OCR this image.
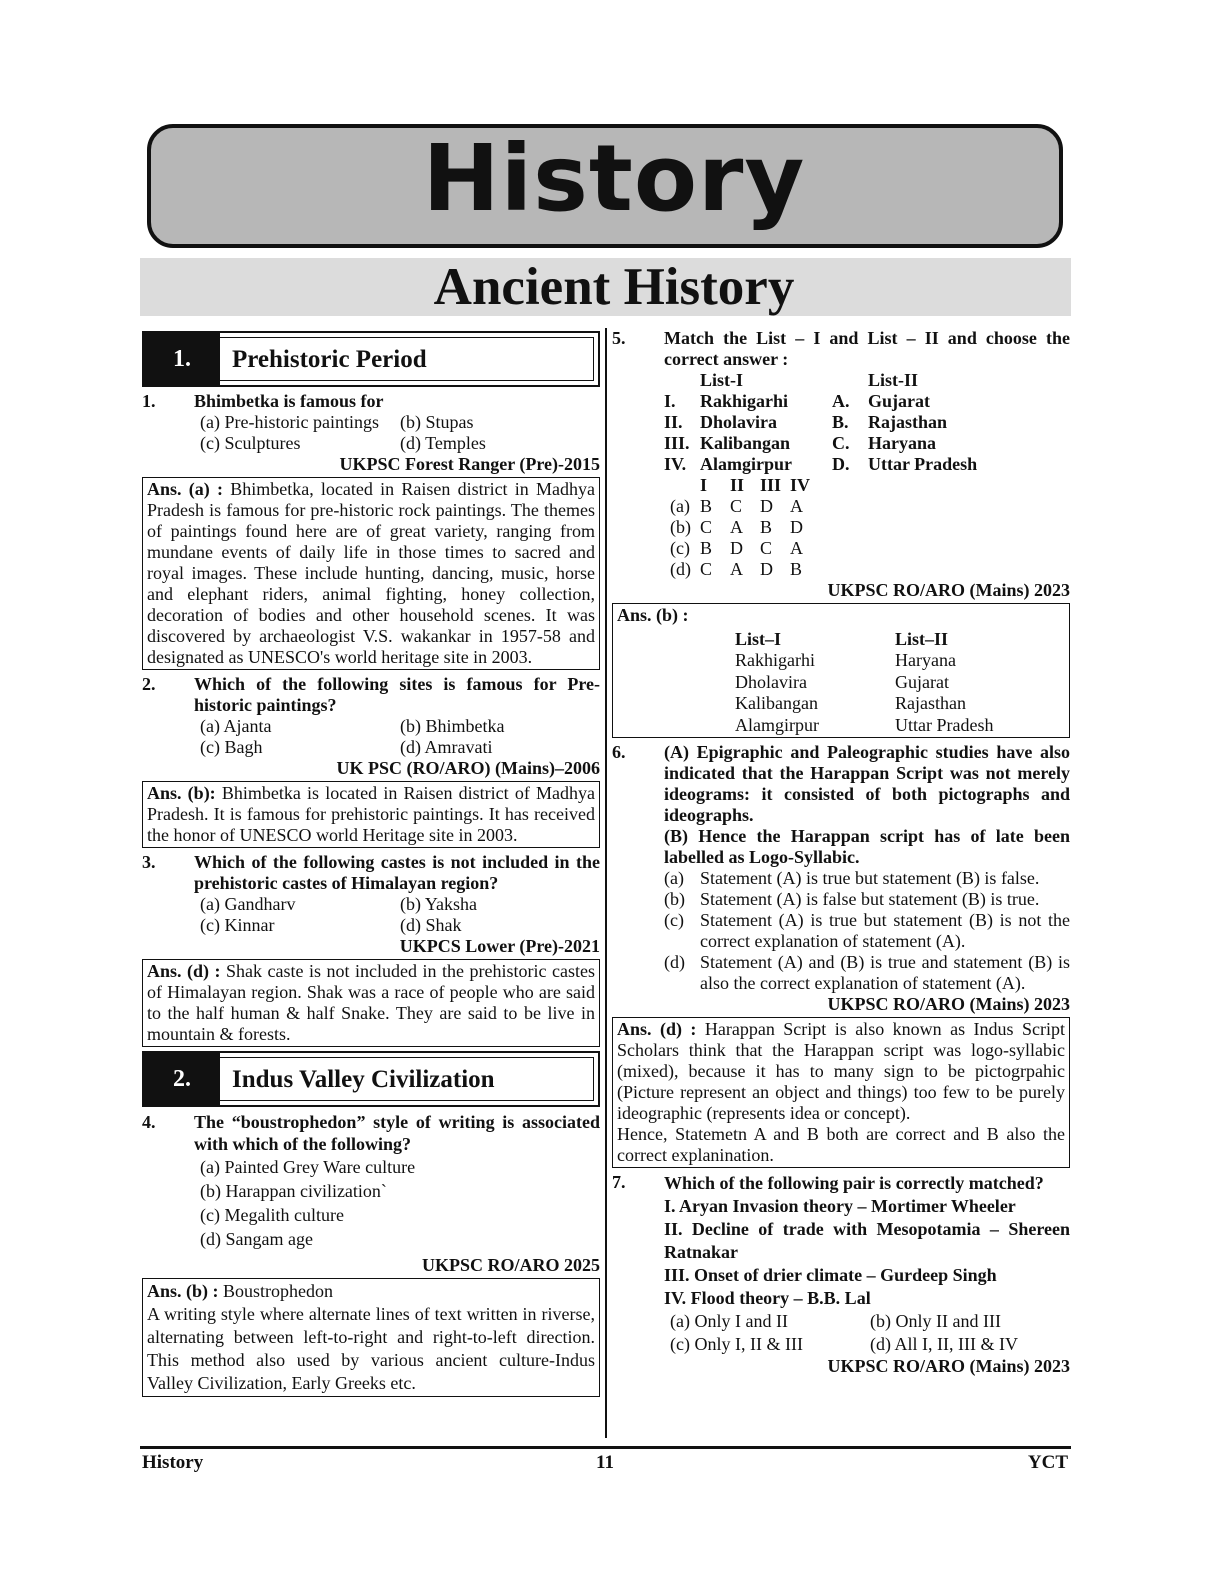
History
Ancient History
1.	Prehistoric Period
1.	Bhimbetka is famous for
(a) Pre-historic paintings	(b) Stupas
(c) Sculptures	(d) Temples
UKPSC Forest Ranger (Pre)-2015
Ans. (a) : Bhimbetka, located in Raisen district in Madhya Pradesh is famous for pre-historic rock paintings. The themes of paintings found here are of great variety, ranging from mundane events of daily life in those times to sacred and royal images. These include hunting, dancing, music, horse and elephant riders, animal fighting, honey collection, decoration of bodies and other household scenes. It was discovered by archaeologist V.S. wakankar in 1957-58 and designated as UNESCO's world heritage site in 2003.
2.	Which of the following sites is famous for Pre-historic paintings?
(a) Ajanta	(b) Bhimbetka
(c) Bagh	(d) Amravati
UK PSC (RO/ARO) (Mains)–2006
Ans. (b): Bhimbetka is located in Raisen district of Madhya Pradesh. It is famous for prehistoric paintings. It has received the honor of UNESCO world Heritage site in 2003.
3.	Which of the following castes is not included in the prehistoric castes of Himalayan region?
(a) Gandharv	(b) Yaksha
(c) Kinnar	(d) Shak
UKPCS Lower (Pre)-2021
Ans. (d) : Shak caste is not included in the prehistoric castes of Himalayan region. Shak was a race of people who are said to the half human & half Snake. They are said to be live in mountain & forests.
2.	Indus Valley Civilization
4.	The “boustrophedon” style of writing is associated with which of the following?
(a) Painted Grey Ware culture
(b) Harappan civilization`
(c) Megalith culture
(d) Sangam age
UKPSC RO/ARO 2025
Ans. (b) : Boustrophedon
A writing style where alternate lines of text written in riverse, alternating between left-to-right and right-to-left direction. This method also used by various ancient culture-Indus Valley Civilization, Early Greeks etc.
5.	Match the List – I and List – II and choose the correct answer :
List-I	List-II
I.	Rakhigarhi	A.	Gujarat
II. Dholavira	B.	Rajasthan
III. Kalibangan	C.	Haryana
IV. Alamgirpur	D.	Uttar Pradesh
I	II III IV
(a) B C D A
(b) C A B D
(c) B D C A
(d) C A D B
UKPSC RO/ARO (Mains) 2023
Ans. (b) :
List–I	List–II
Rakhigarhi	Haryana
Dholavira	Gujarat
Kalibangan	Rajasthan
Alamgirpur	Uttar Pradesh
6.	(A) Epigraphic and Paleographic studies have also indicated that the Harappan Script was not merely ideograms: it consisted of both pictographs and ideographs.
(B) Hence the Harappan script has of late been labelled as Logo-Syllabic.
(a) Statement (A) is true but statement (B) is false.
(b) Statement (A) is false but statement (B) is true.
(c) Statement (A) is true but statement (B) is not the correct explanation of statement (A).
(d) Statement (A) and (B) is true and statement (B) is also the correct explanation of statement (A).
UKPSC RO/ARO (Mains) 2023
Ans. (d) : Harappan Script is also known as Indus Script Scholars think that the Harappan script was logo-syllabic (mixed), because it has to many sign to be pictogrpahic (Picture represent an object and things) too few to be purely ideographic (represents idea or concept).
Hence, Statemetn A and B both are correct and B also the correct explanination.
7.	Which of the following pair is correctly matched?
I. Aryan Invasion theory – Mortimer Wheeler
II. Decline of trade with Mesopotamia – Shereen Ratnakar
III. Onset of drier climate – Gurdeep Singh
IV. Flood theory – B.B. Lal
(a) Only I and II	(b) Only II and III
(c) Only I, II & III	(d) All I, II, III & IV
UKPSC RO/ARO (Mains) 2023
History	11	YCT
